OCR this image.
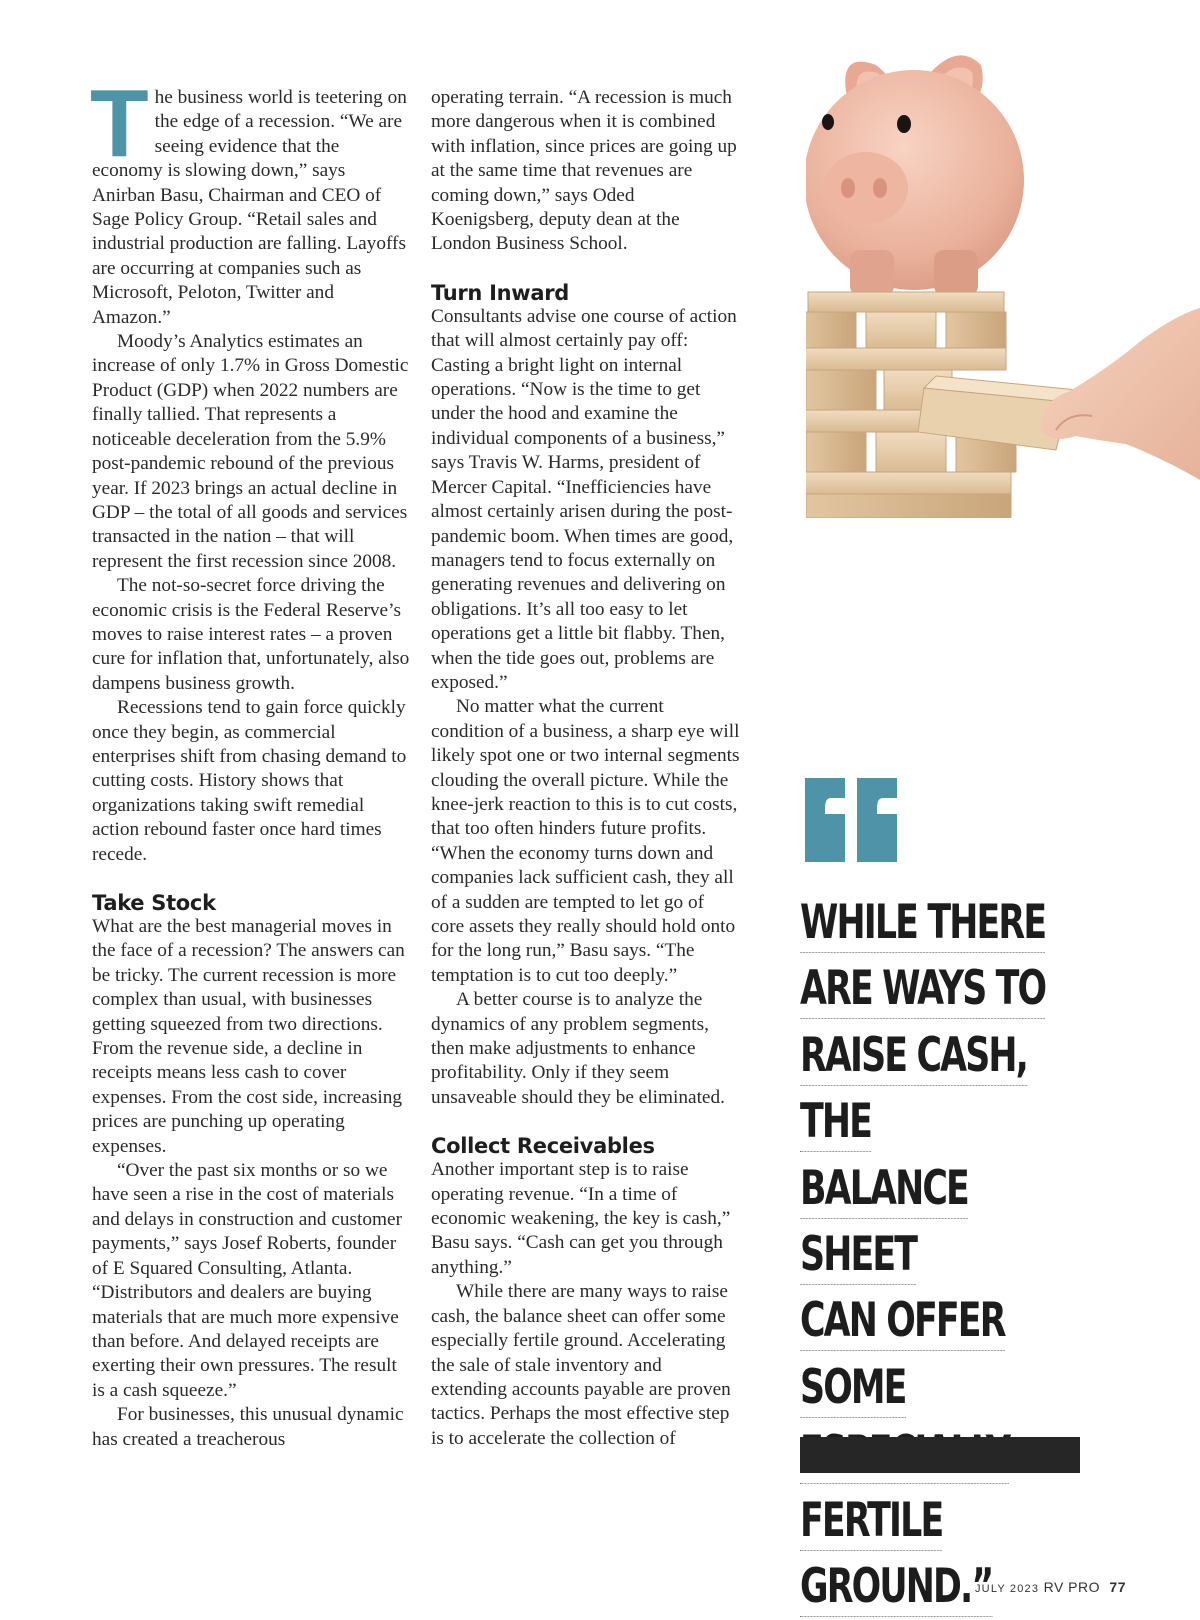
T he business world is teetering on the edge of a recession. “We are seeing evidence that the economy is slowing down,” says Anirban Basu, Chairman and CEO of Sage Policy Group. “Retail sales and industrial production are falling. Layoffs are occurring at companies such as Microsoft, Peloton, Twitter and Amazon.”

Moody’s Analytics estimates an increase of only 1.7% in Gross Domestic Product (GDP) when 2022 numbers are finally tallied. That represents a noticeable deceleration from the 5.9% post-pandemic rebound of the previous year. If 2023 brings an actual decline in GDP – the total of all goods and services transacted in the nation – that will represent the first recession since 2008.

The not-so-secret force driving the economic crisis is the Federal Reserve’s moves to raise interest rates – a proven cure for inflation that, unfortunately, also dampens business growth.

Recessions tend to gain force quickly once they begin, as commercial enterprises shift from chasing demand to cutting costs. History shows that organizations taking swift remedial action rebound faster once hard times recede.

Take Stock

What are the best managerial moves in the face of a recession? The answers can be tricky. The current recession is more complex than usual, with businesses getting squeezed from two directions. From the revenue side, a decline in receipts means less cash to cover expenses. From the cost side, increasing prices are punching up operating expenses.

“Over the past six months or so we have seen a rise in the cost of materials and delays in construction and customer payments,” says Josef Roberts, founder of E Squared Consulting, Atlanta. “Distributors and dealers are buying materials that are much more expensive than before. And delayed receipts are exerting their own pressures. The result is a cash squeeze.”

For businesses, this unusual dynamic has created a treacherous

operating terrain. “A recession is much more dangerous when it is combined with inflation, since prices are going up at the same time that revenues are coming down,” says Oded Koenigsberg, deputy dean at the London Business School.

Turn Inward

Consultants advise one course of action that will almost certainly pay off: Casting a bright light on internal operations. “Now is the time to get under the hood and examine the individual components of a business,” says Travis W. Harms, president of Mercer Capital. “Inefficiencies have almost certainly arisen during the post-pandemic boom. When times are good, managers tend to focus externally on generating revenues and delivering on obligations. It’s all too easy to let operations get a little bit flabby. Then, when the tide goes out, problems are exposed.”

No matter what the current condition of a business, a sharp eye will likely spot one or two internal segments clouding the overall picture. While the knee-jerk reaction to this is to cut costs, that too often hinders future profits. “When the economy turns down and companies lack sufficient cash, they all of a sudden are tempted to let go of core assets they really should hold onto for the long run,” Basu says. “The temptation is to cut too deeply.”

A better course is to analyze the dynamics of any problem segments, then make adjustments to enhance profitability. Only if they seem unsaveable should they be eliminated.

Collect Receivables

Another important step is to raise operating revenue. “In a time of economic weakening, the key is cash,” Basu says. “Cash can get you through anything.”

While there are many ways to raise cash, the balance sheet can offer some especially fertile ground. Accelerating the sale of stale inventory and extending accounts payable are proven tactics. Perhaps the most effective step is to accelerate the collection of

WHILE THERE
ARE WAYS TO
RAISE CASH, THE
BALANCE SHEET
CAN OFFER SOME
FERTILE
GROUND.”
JULY 2023 RV PRO 77
